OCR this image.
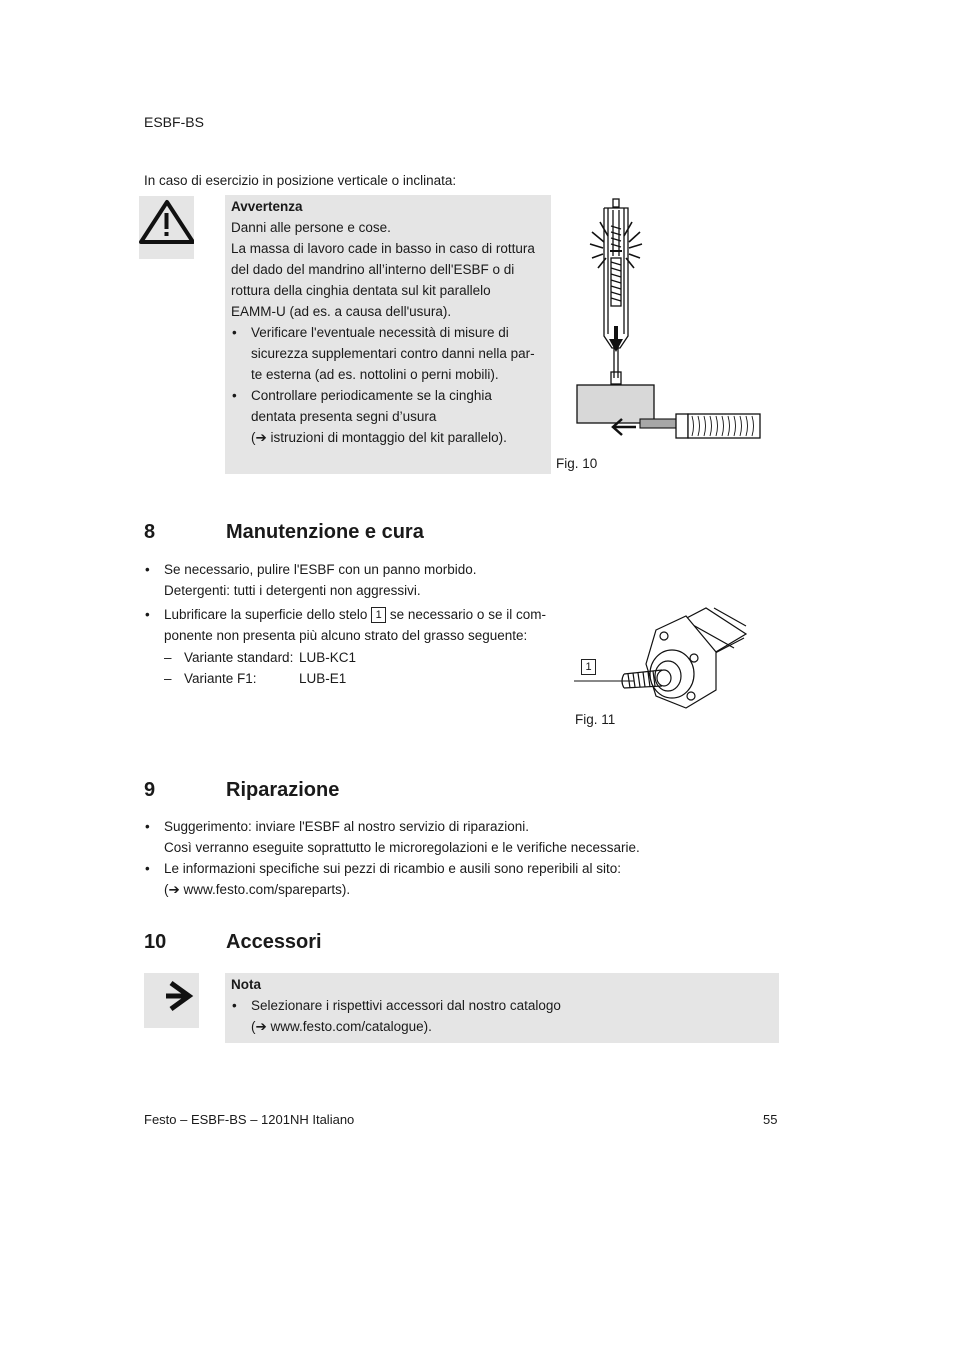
ESBF-BS
In caso di esercizio in posizione verticale o inclinata:
Avvertenza
Danni alle persone e cose.
La massa di lavoro cade in basso in caso di rottura
del dado del mandrino all’interno dell'ESBF o di
rottura della cinghia dentata sul kit parallelo
EAMM-U (ad es. a causa dell'usura).
• Verificare l'eventuale necessità di misure di
sicurezza supplementari contro danni nella par-
te esterna (ad es. nottolini o perni mobili).
• Controllare periodicamente se la cinghia
dentata presenta segni d’usura
(➔ istruzioni di montaggio del kit parallelo).
Fig. 10
8	Manutenzione e cura
• Se necessario, pulire l'ESBF con un panno morbido.
Detergenti: tutti i detergenti non aggressivi.
• Lubrificare la superficie dello stelo 1 se necessario o se il com-
ponente non presenta più alcuno strato del grasso seguente:
– Variante standard: LUB-KC1
– Variante F1:	LUB-E1
1
Fig. 11
9	Riparazione
• Suggerimento: inviare l'ESBF al nostro servizio di riparazioni.
Così verranno eseguite soprattutto le microregolazioni e le verifiche necessarie.
• Le informazioni specifiche sui pezzi di ricambio e ausili sono reperibili al sito:
(➔ www.festo.com/spareparts).
10	Accessori
Nota
• Selezionare i rispettivi accessori dal nostro catalogo
(➔ www.festo.com/catalogue).
Festo – ESBF-BS – 1201NH Italiano	55
